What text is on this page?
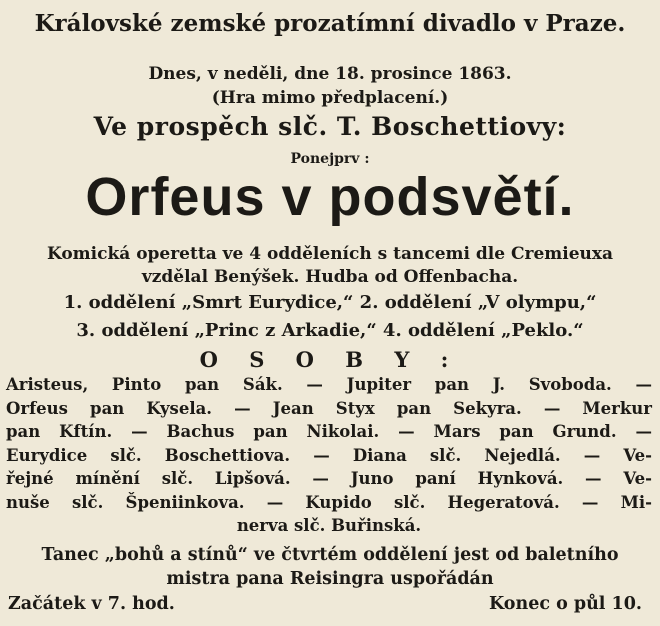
Královské zemské prozatímní divadlo v Praze.
Dnes, v neděli, dne 18. prosince 1863.
(Hra mimo předplacení.)
Ve prospěch slč. T. Boschettiovy:
Ponejprv :
Orfeus v podsvětí.
Komická operetta ve 4 odděleních s tancemi dle Cremieuxa
vzdělal Benýšek. Hudba od Offenbacha.
1. oddělení „Smrt Eurydice,“ 2. oddělení „V olympu,“
3. oddělení „Princ z Arkadie,“ 4. oddělení „Peklo.“
O S O B Y :
Aristeus, Pinto pan Sák. — Jupiter pan J. Svoboda. —
Orfeus pan Kysela. — Jean Styx pan Sekyra. — Merkur
pan Kftín. — Bachus pan Nikolai. — Mars pan Grund. —
Eurydice slč. Boschettiova. — Diana slč. Nejedlá. — Ve-
řejné mínění slč. Lipšová. — Juno paní Hynková. — Ve-
nuše slč. Špeniinkova. — Kupido slč. Hegeratová. — Mi-
nerva slč. Buřinská.
Tanec „bohů a stínů“ ve čtvrtém oddělení jest od baletního
mistra pana Reisingra uspořádán
Začátek v 7. hod.	Konec o půl 10.
